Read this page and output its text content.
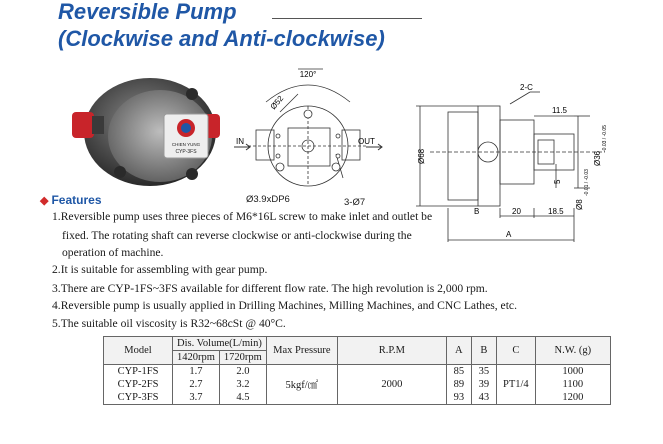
Reversible Pump
(Clockwise and Anti-clockwise)
CHIEN YUNG
CYP-3FS
120°
Ø52
IN	OUT
Ø3.9xDP6	3-Ø7
2-C
11.5
Ø68	Ø36
-0.03 / -0.05
5
Ø8
-0.01 / -0.03
B	20	18.5
A
◆ Features
1.Reversible pump uses three pieces of M6*16L screw to make inlet and outlet be
fixed. The rotating shaft can reverse clockwise or anti-clockwise during the
operation of machine.
2.It is suitable for assembling with gear pump.
3.There are CYP-1FS~3FS available for different flow rate. The high revolution is 2,000 rpm.
4.Reversible pump is usually applied in Drilling Machines, Milling Machines, and CNC Lathes, etc.
5.The suitable oil viscosity is R32~68cSt @ 40°C.
Model	Dis. Volume(L/min)		Max Pressure	R.P.M	A	B	C	N.W. (g)
	1420rpm	1720rpm						
CYP-1FS	1.7	2.0	5kgf/㎠	2000	85	35	PT1/4	1000
CYP-2FS	2.7	3.2			89	39		1100
CYP-3FS	3.7	4.5			93	43		1200
